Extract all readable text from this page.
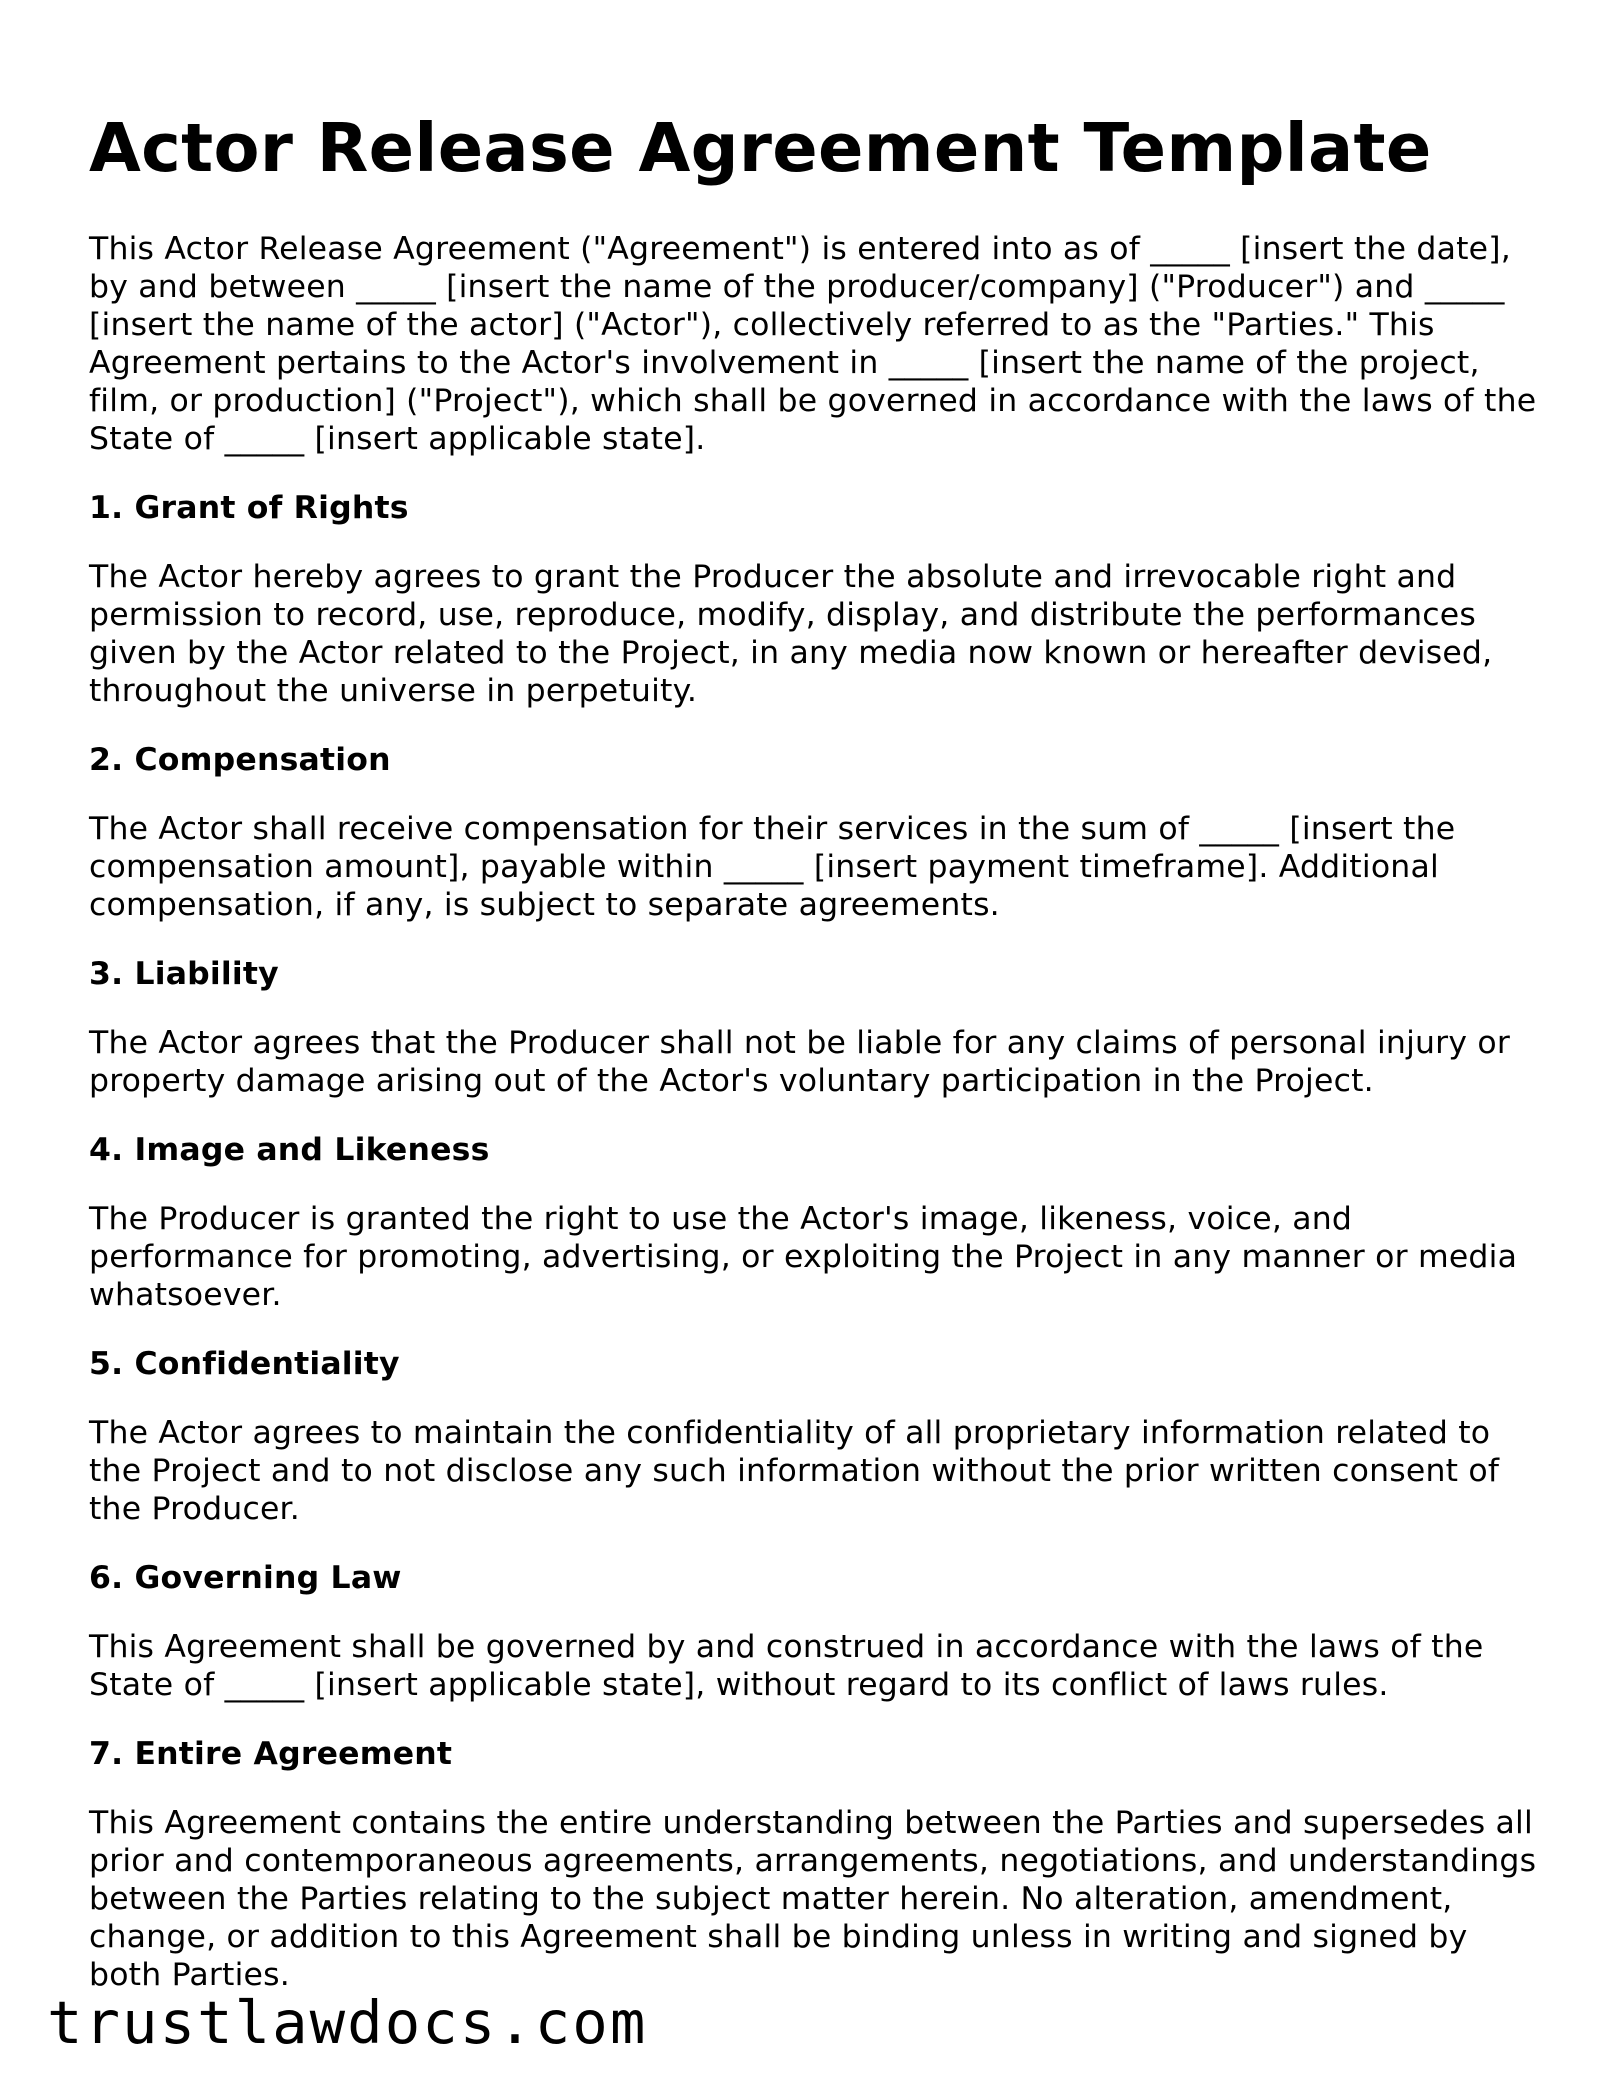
Actor Release Agreement Template

This Actor Release Agreement ("Agreement") is entered into as of _____ [insert the date], by and between _____ [insert the name of the producer/company] ("Producer") and _____ [insert the name of the actor] ("Actor"), collectively referred to as the "Parties." This Agreement pertains to the Actor's involvement in _____ [insert the name of the project, film, or production] ("Project"), which shall be governed in accordance with the laws of the State of _____ [insert applicable state].

1. Grant of Rights

The Actor hereby agrees to grant the Producer the absolute and irrevocable right and permission to record, use, reproduce, modify, display, and distribute the performances given by the Actor related to the Project, in any media now known or hereafter devised, throughout the universe in perpetuity.

2. Compensation

The Actor shall receive compensation for their services in the sum of _____ [insert the compensation amount], payable within _____ [insert payment timeframe]. Additional compensation, if any, is subject to separate agreements.

3. Liability

The Actor agrees that the Producer shall not be liable for any claims of personal injury or property damage arising out of the Actor's voluntary participation in the Project.

4. Image and Likeness

The Producer is granted the right to use the Actor's image, likeness, voice, and performance for promoting, advertising, or exploiting the Project in any manner or media whatsoever.

5. Confidentiality

The Actor agrees to maintain the confidentiality of all proprietary information related to the Project and to not disclose any such information without the prior written consent of the Producer.

6. Governing Law

This Agreement shall be governed by and construed in accordance with the laws of the State of _____ [insert applicable state], without regard to its conflict of laws rules.

7. Entire Agreement

This Agreement contains the entire understanding between the Parties and supersedes all prior and contemporaneous agreements, arrangements, negotiations, and understandings between the Parties relating to the subject matter herein. No alteration, amendment, change, or addition to this Agreement shall be binding unless in writing and signed by both Parties.

trustlawdocs.com
